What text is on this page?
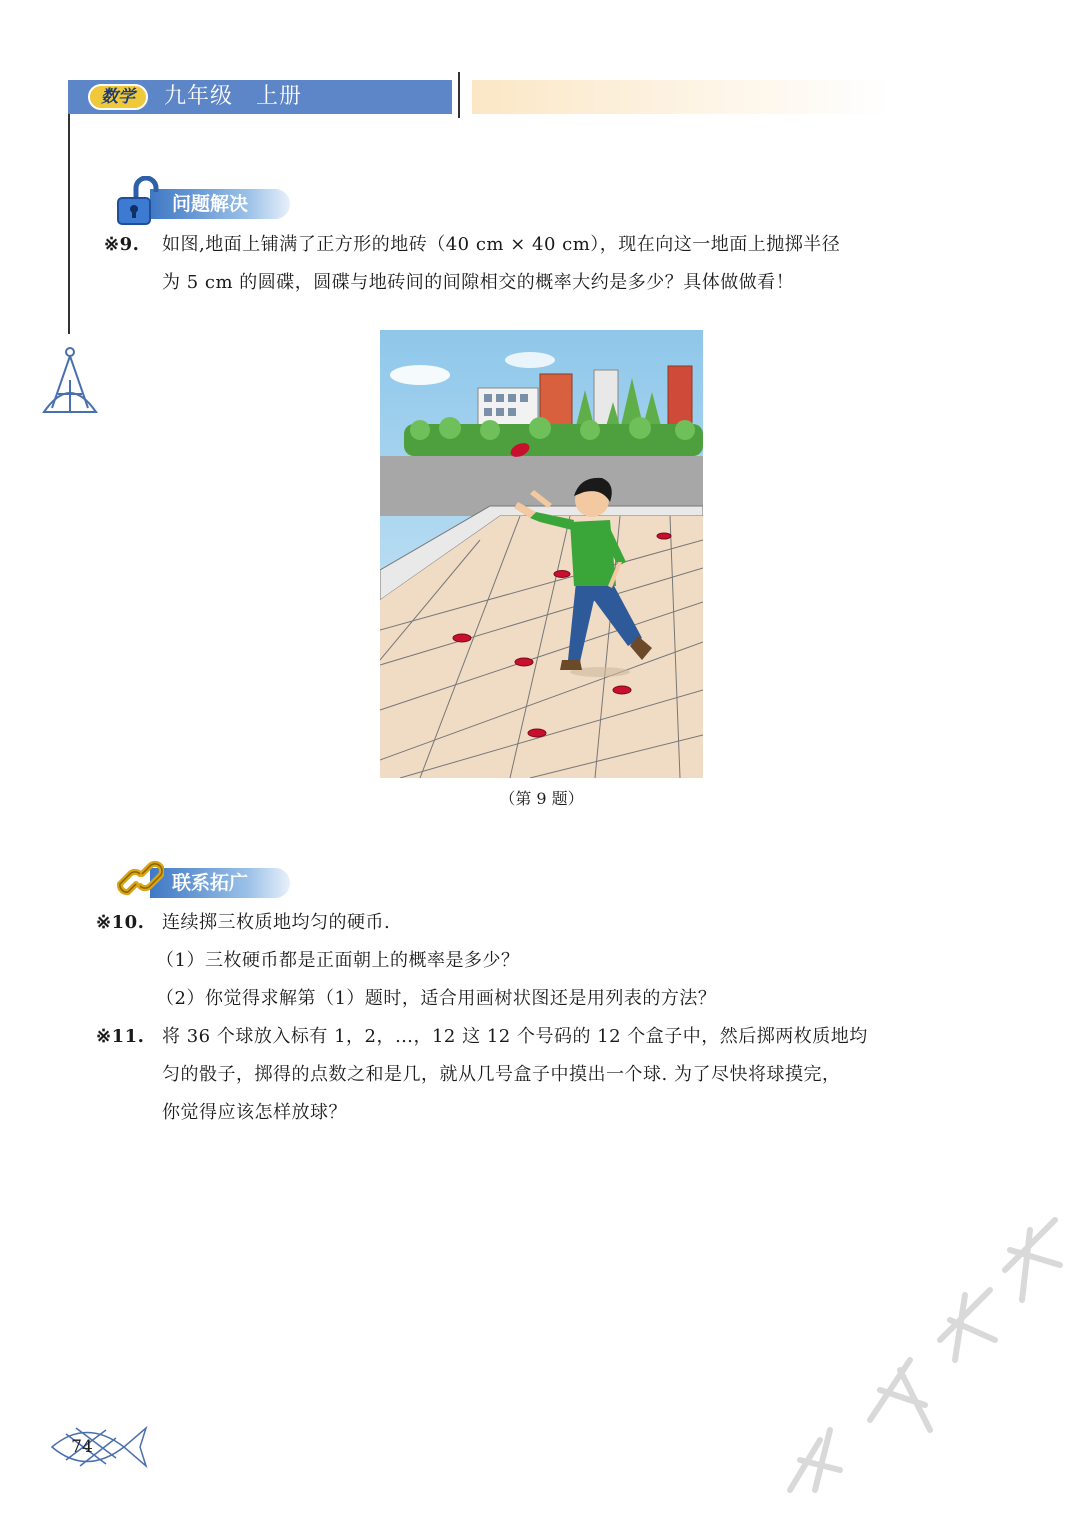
数学	九年级　上册
问题解决
※9. 如图,地面上铺满了正方形的地砖（40 cm × 40 cm），现在向这一地面上抛掷半径
为 5 cm 的圆碟，圆碟与地砖间的间隙相交的概率大约是多少？具体做做看！
（第 9 题）
联系拓广
※10. 连续掷三枚质地均匀的硬币.
（1）三枚硬币都是正面朝上的概率是多少？
（2）你觉得求解第（1）题时，适合用画树状图还是用列表的方法？
※11. 将 36 个球放入标有 1，2，…，12 这 12 个号码的 12 个盒子中，然后掷两枚质地均
匀的骰子，掷得的点数之和是几，就从几号盒子中摸出一个球. 为了尽快将球摸完，
你觉得应该怎样放球？
74
